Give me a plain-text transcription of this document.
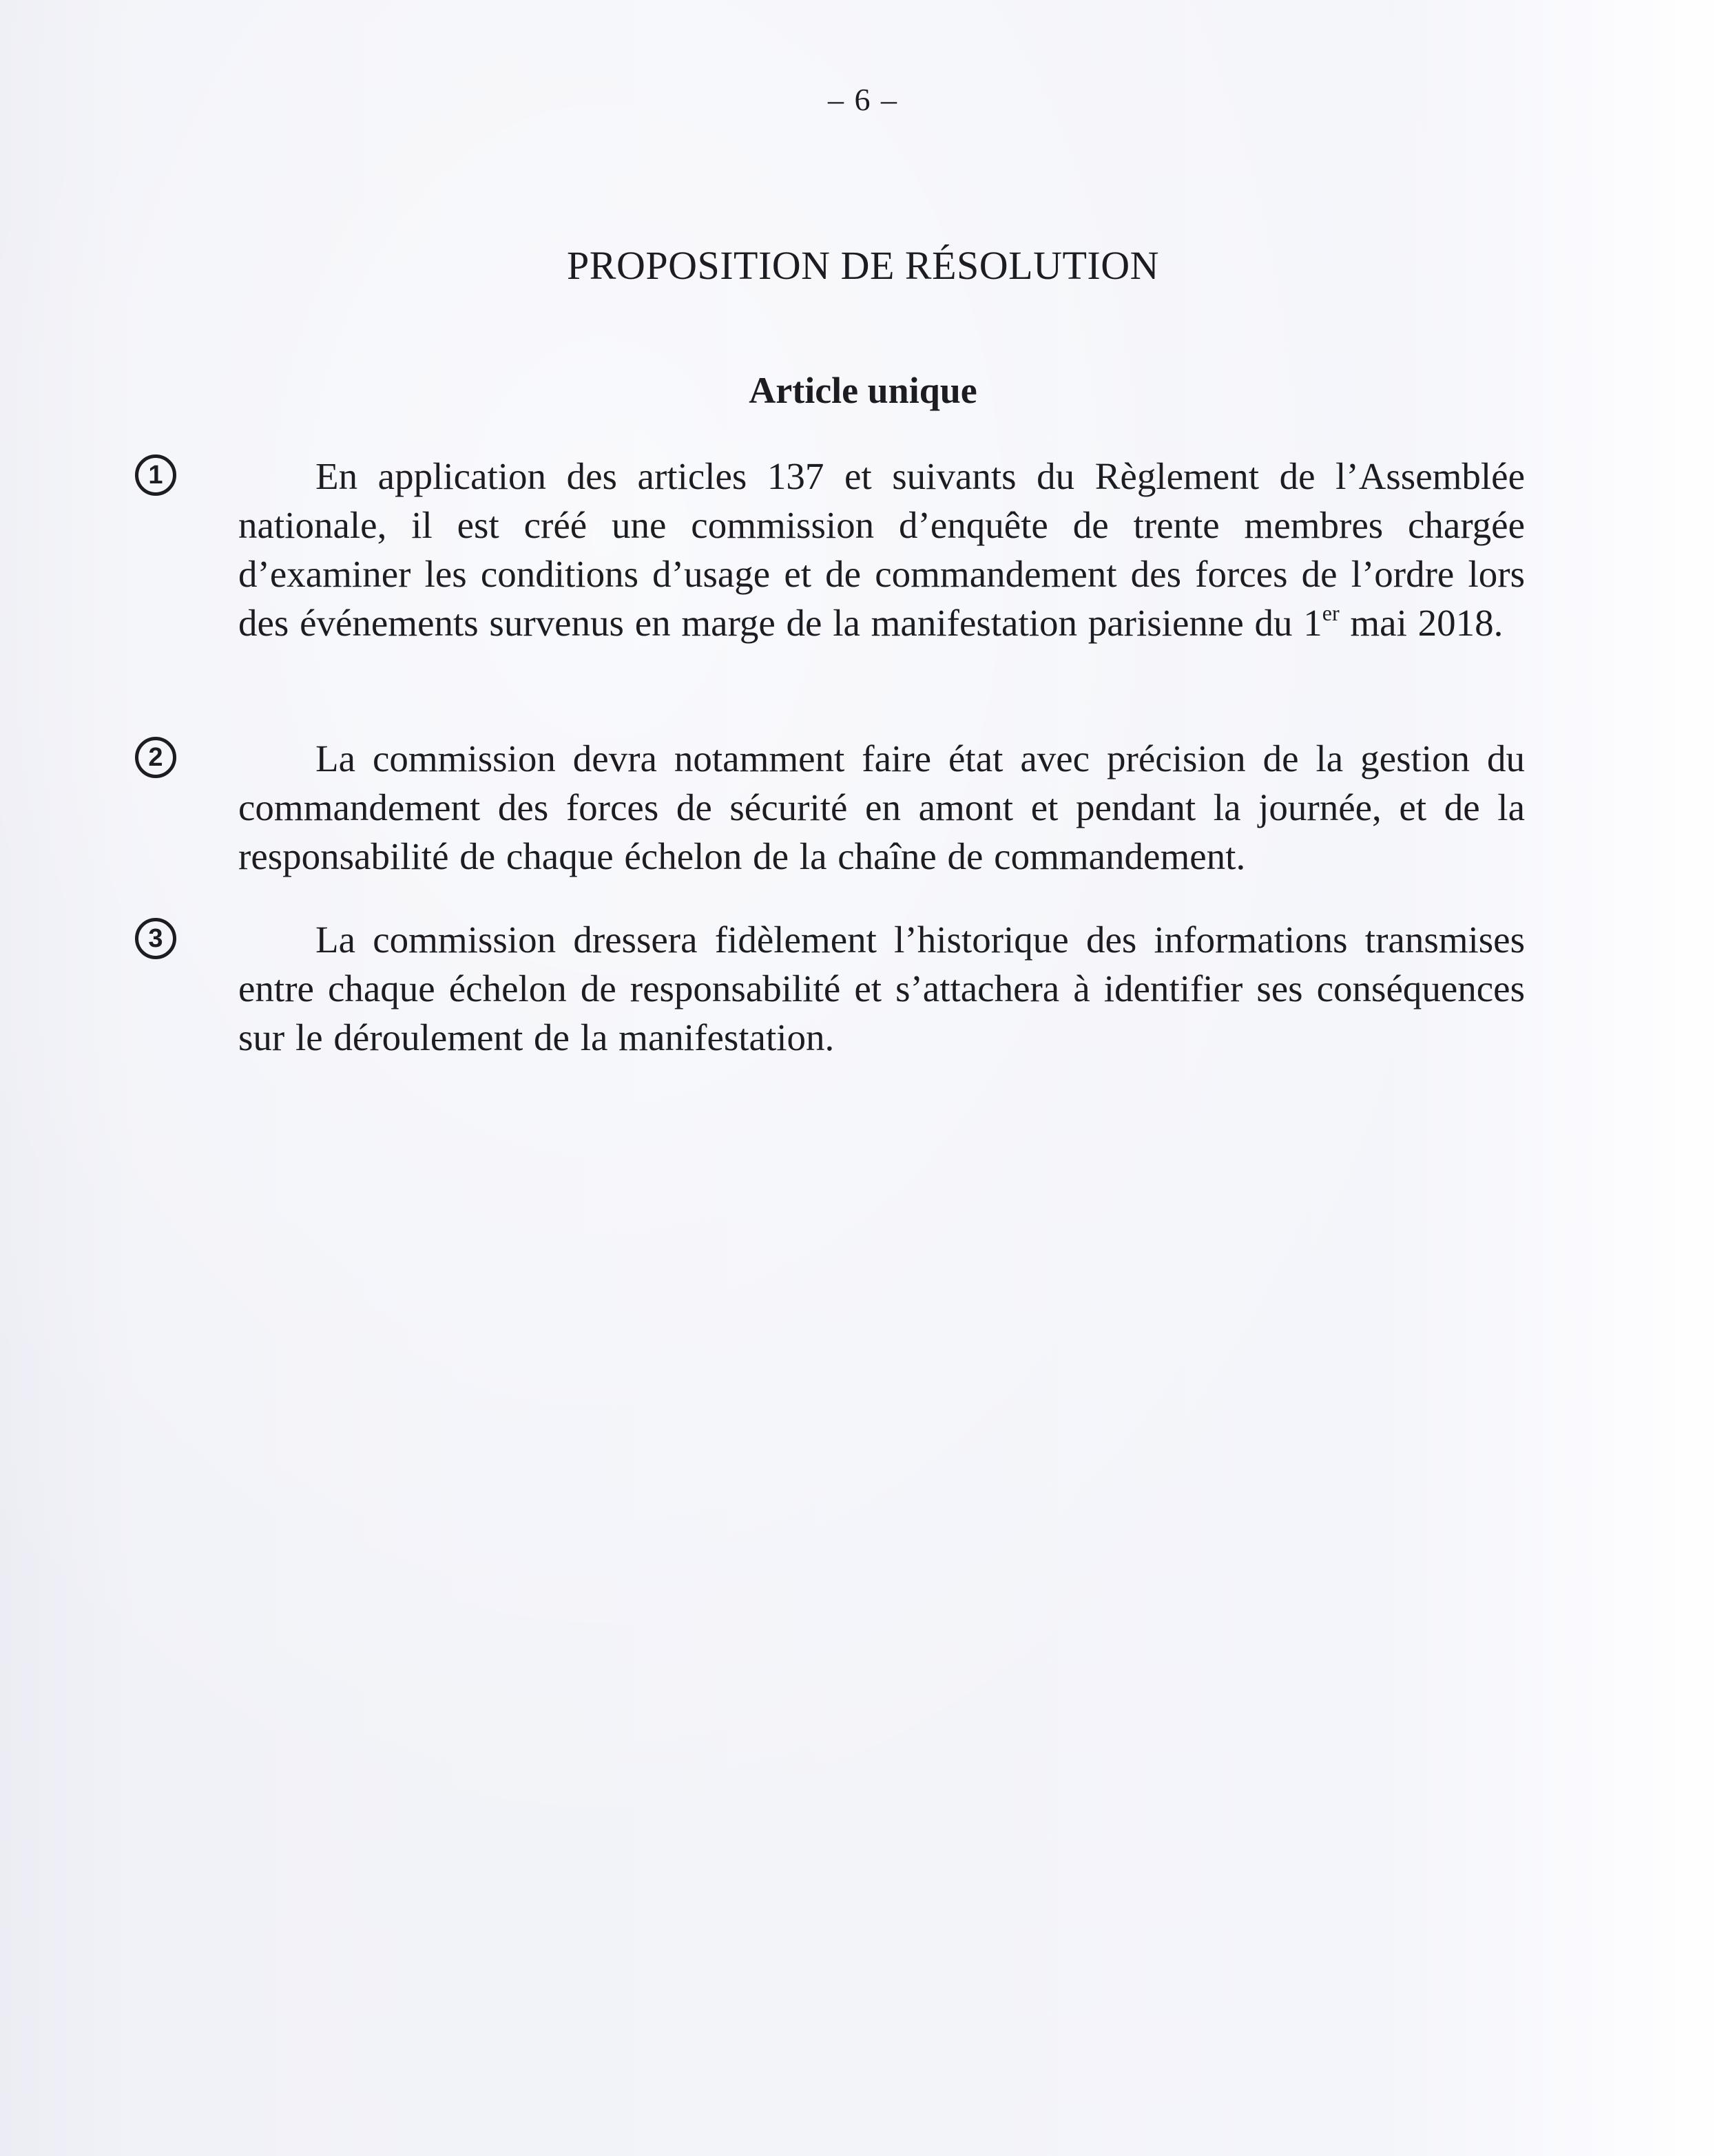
– 6 –
PROPOSITION DE RÉSOLUTION
Article unique
1	En application des articles 137 et suivants du Règlement de l’Assemblée nationale, il est créé une commission d’enquête de trente membres chargée d’examiner les conditions d’usage et de commandement des forces de l’ordre lors des événements survenus en marge de la manifestation parisienne du 1er mai 2018.

2	La commission devra notamment faire état avec précision de la gestion du commandement des forces de sécurité en amont et pendant la journée, et de la responsabilité de chaque échelon de la chaîne de commandement.

3	La commission dressera fidèlement l’historique des informations transmises entre chaque échelon de responsabilité et s’attachera à identifier ses conséquences sur le déroulement de la manifestation.
